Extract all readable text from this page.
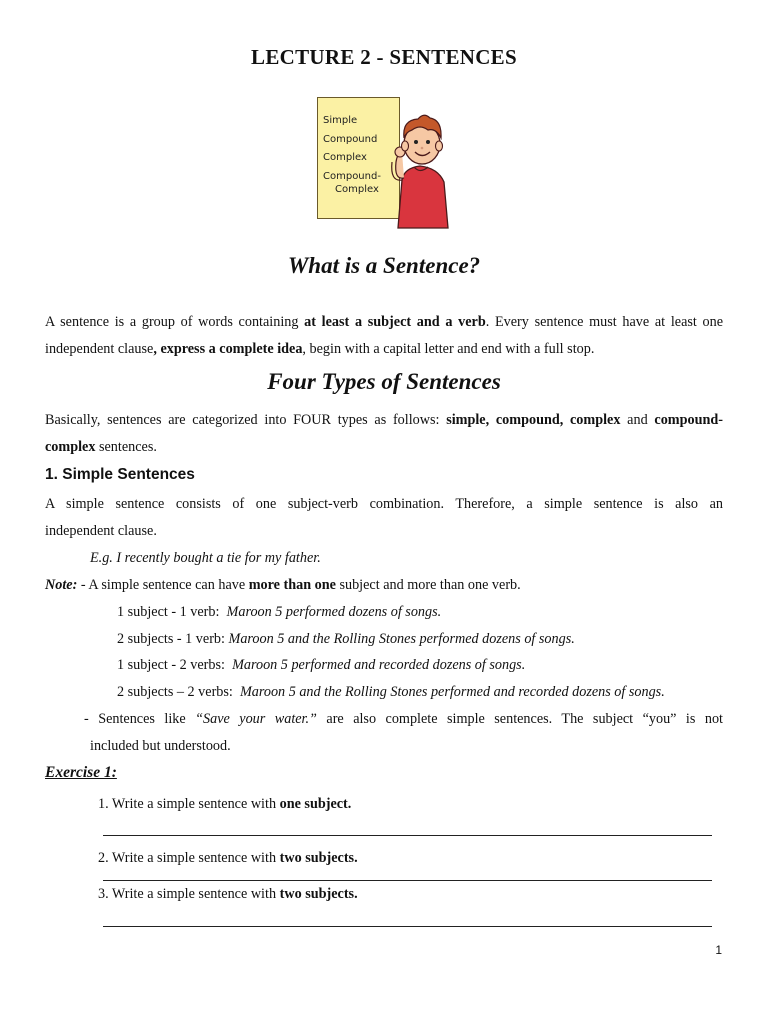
LECTURE 2 - SENTENCES
Simple
Compound
Complex
Compound-
Complex
What is a Sentence?
A sentence is a group of words containing at least a subject and a verb. Every sentence must have at least one
independent clause, express a complete idea, begin with a capital letter and end with a full stop.
Four Types of Sentences
Basically, sentences are categorized into FOUR types as follows: simple, compound, complex and compound-
complex sentences.
1. Simple Sentences
A simple sentence consists of one subject-verb combination. Therefore, a simple sentence is also an
independent clause.
E.g. I recently bought a tie for my father.
Note: - A simple sentence can have more than one subject and more than one verb.
1 subject - 1 verb: Maroon 5 performed dozens of songs.
2 subjects - 1 verb: Maroon 5 and the Rolling Stones performed dozens of songs.
1 subject - 2 verbs: Maroon 5 performed and recorded dozens of songs.
2 subjects – 2 verbs: Maroon 5 and the Rolling Stones performed and recorded dozens of songs.
- Sentences like “Save your water.” are also complete simple sentences. The subject “you” is not
included but understood.
Exercise 1:
1. Write a simple sentence with one subject.
2. Write a simple sentence with two subjects.
3. Write a simple sentence with two subjects.
1
